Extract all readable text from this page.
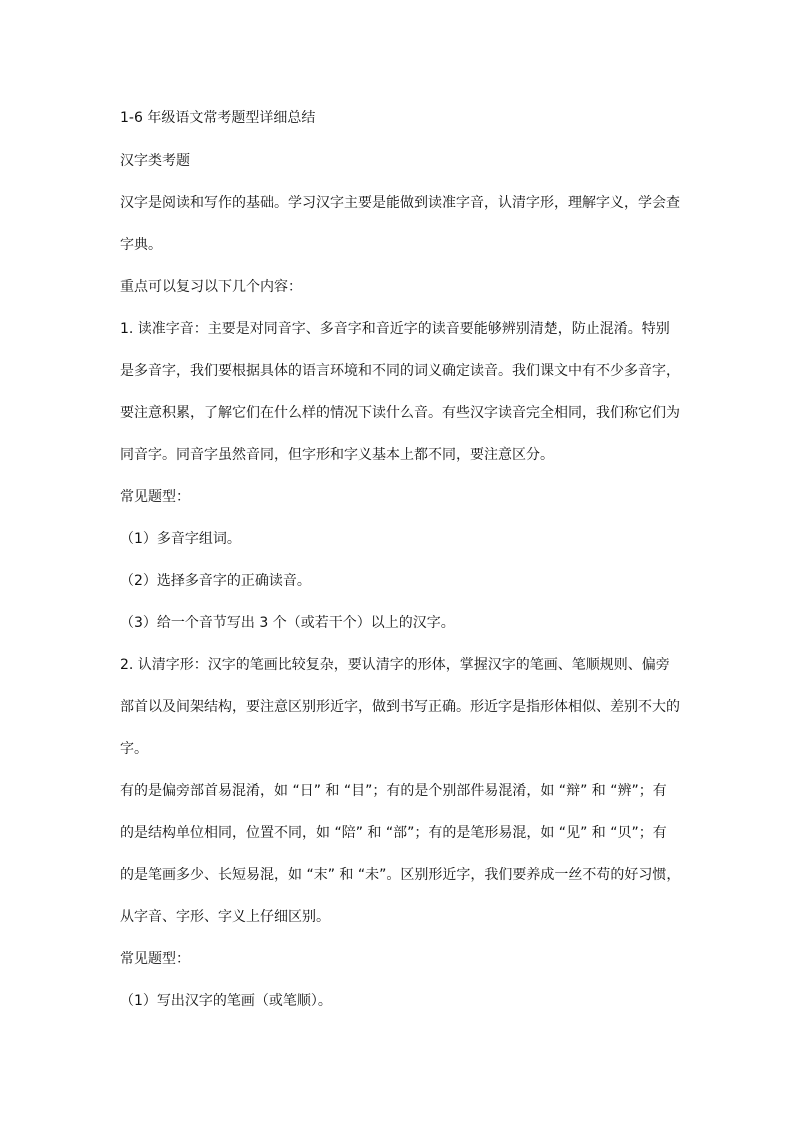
1-6 年级语文常考题型详细总结
汉字类考题
汉字是阅读和写作的基础。学习汉字主要是能做到读准字音，认清字形，理解字义，学会查
字典。
重点可以复习以下几个内容：
1. 读准字音：主要是对同音字、多音字和音近字的读音要能够辨别清楚，防止混淆。特别
是多音字，我们要根据具体的语言环境和不同的词义确定读音。我们课文中有不少多音字，
要注意积累，了解它们在什么样的情况下读什么音。有些汉字读音完全相同，我们称它们为
同音字。同音字虽然音同，但字形和字义基本上都不同，要注意区分。
常见题型：
（1）多音字组词。
（2）选择多音字的正确读音。
（3）给一个音节写出 3 个（或若干个）以上的汉字。
2. 认清字形：汉字的笔画比较复杂，要认清字的形体，掌握汉字的笔画、笔顺规则、偏旁
部首以及间架结构，要注意区别形近字，做到书写正确。形近字是指形体相似、差别不大的
字。
有的是偏旁部首易混淆，如 “日” 和 “目”；有的是个别部件易混淆，如 “辩” 和 “辨”；有
的是结构单位相同，位置不同，如 “陪” 和 “部”；有的是笔形易混，如 “见” 和 “贝”；有
的是笔画多少、长短易混，如 “末” 和 “未”。区别形近字，我们要养成一丝不苟的好习惯，
从字音、字形、字义上仔细区别。
常见题型：
（1）写出汉字的笔画（或笔顺）。
